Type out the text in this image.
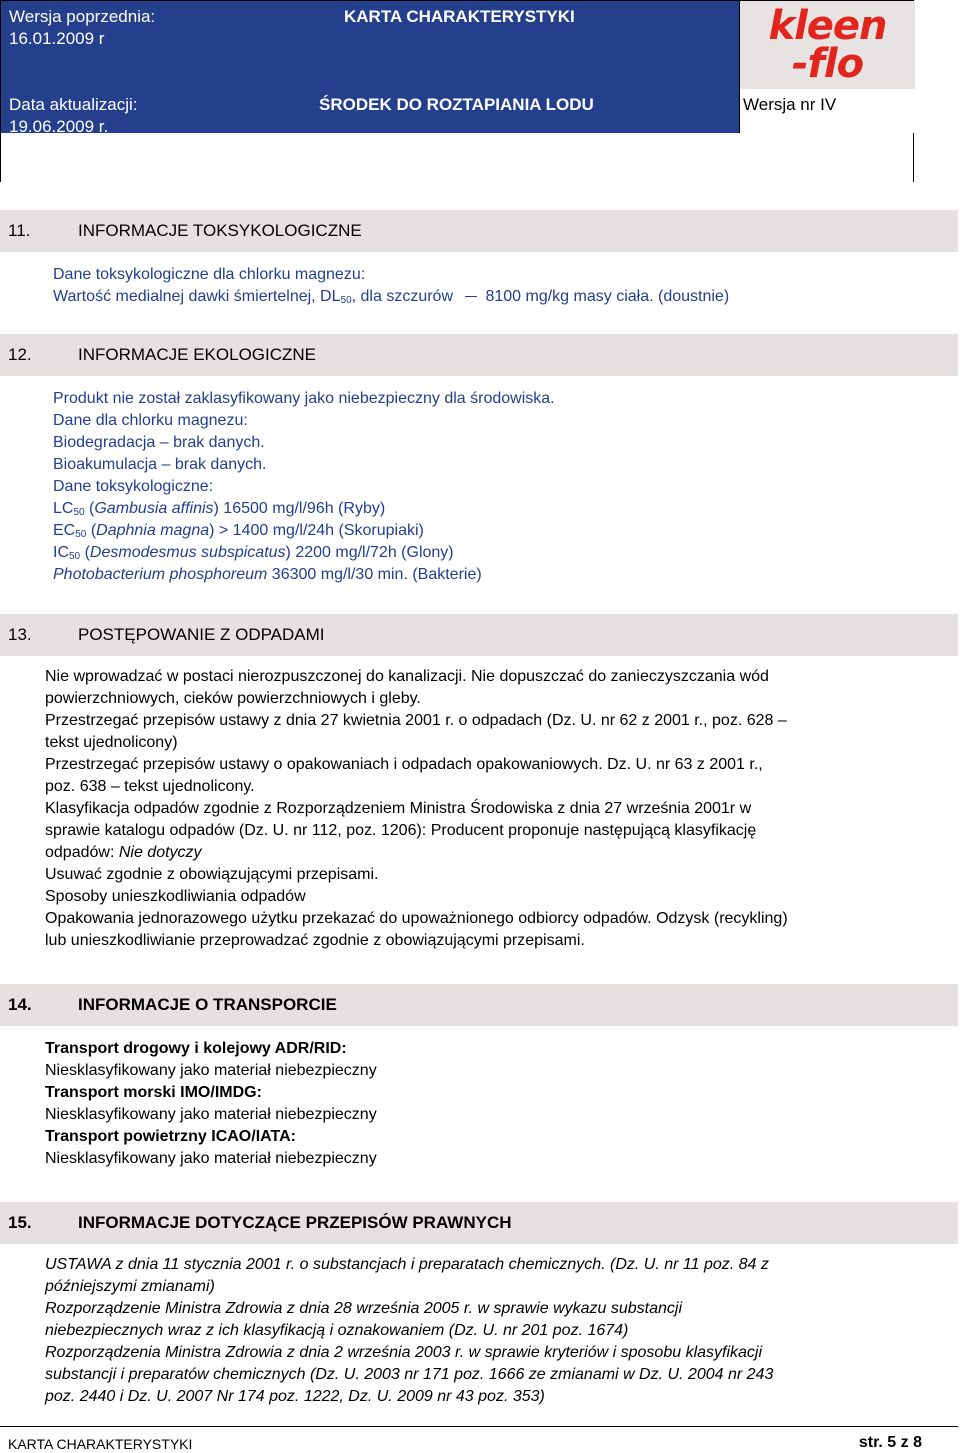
Wersja poprzednia:
16.01.2009 r
KARTA CHARAKTERYSTYKI
Data aktualizacji:
19.06.2009 r.
ŚRODEK DO ROZTAPIANIA LODU	Wersja nr IV
kleen
-flo
Karta charakterystyki zgodna z wymogami przepisów Rozporządzenia (WE) nr 1907/2006 Parlamentu
Europejskiego i Rady z dnia 18 grudnia 2006 r. (REACH).
11.	INFORMACJE TOKSYKOLOGICZNE
Dane toksykologiczne dla chlorku magnezu:
Wartość medialnej dawki śmiertelnej, $DL_{50}$, dla szczurów 8100 mg/kg masy ciała. (doustnie)
12.	INFORMACJE EKOLOGICZNE
Produkt nie został zaklasyfikowany jako niebezpieczny dla środowiska.
Dane dla chlorku magnezu:
Biodegradacja – brak danych.
Bioakumulacja – brak danych.
Dane toksykologiczne:
$LC_{50}$ (Gambusia affinis) 16500 mg/l/96h (Ryby)
$EC_{50}$ (Daphnia magna) > 1400 mg/l/24h (Skorupiaki)
$IC_{50}$ (Desmodesmus subspicatus) 2200 mg/l/72h (Glony)
Photobacterium phosphoreum 36300 mg/l/30 min. (Bakterie)
13.	POSTĘPOWANIE Z ODPADAMI
Nie wprowadzać w postaci nierozpuszczonej do kanalizacji. Nie dopuszczać do zanieczyszczania wód
powierzchniowych, cieków powierzchniowych i gleby.
Przestrzegać przepisów ustawy z dnia 27 kwietnia 2001 r. o odpadach (Dz. U. nr 62 z 2001 r., poz. 628 –
tekst ujednolicony)
Przestrzegać przepisów ustawy o opakowaniach i odpadach opakowaniowych. Dz. U. nr 63 z 2001 r.,
poz. 638 – tekst ujednolicony.
Klasyfikacja odpadów zgodnie z Rozporządzeniem Ministra Środowiska z dnia 27 września 2001r w
sprawie katalogu odpadów (Dz. U. nr 112, poz. 1206): Producent proponuje następującą klasyfikację
odpadów: Nie dotyczy
Usuwać zgodnie z obowiązującymi przepisami.
Sposoby unieszkodliwiania odpadów
Opakowania jednorazowego użytku przekazać do upoważnionego odbiorcy odpadów. Odzysk (recykling)
lub unieszkodliwianie przeprowadzać zgodnie z obowiązującymi przepisami.
14.	INFORMACJE O TRANSPORCIE
Transport drogowy i kolejowy ADR/RID:
Niesklasyfikowany jako materiał niebezpieczny
Transport morski IMO/IMDG:
Niesklasyfikowany jako materiał niebezpieczny
Transport powietrzny ICAO/IATA:
Niesklasyfikowany jako materiał niebezpieczny
15.	INFORMACJE DOTYCZĄCE PRZEPISÓW PRAWNYCH
USTAWA z dnia 11 stycznia 2001 r. o substancjach i preparatach chemicznych. (Dz. U. nr 11 poz. 84 z
późniejszymi zmianami)
Rozporządzenie Ministra Zdrowia z dnia 28 września 2005 r. w sprawie wykazu substancji
niebezpiecznych wraz z ich klasyfikacją i oznakowaniem (Dz. U. nr 201 poz. 1674)
Rozporządzenia Ministra Zdrowia z dnia 2 września 2003 r. w sprawie kryteriów i sposobu klasyfikacji
substancji i preparatów chemicznych (Dz. U. 2003 nr 171 poz. 1666 ze zmianami w Dz. U. 2004 nr 243
poz. 2440 i Dz. U. 2007 Nr 174 poz. 1222, Dz. U. 2009 nr 43 poz. 353)
KARTA CHARAKTERYSTYKI	str. 5 z 8
